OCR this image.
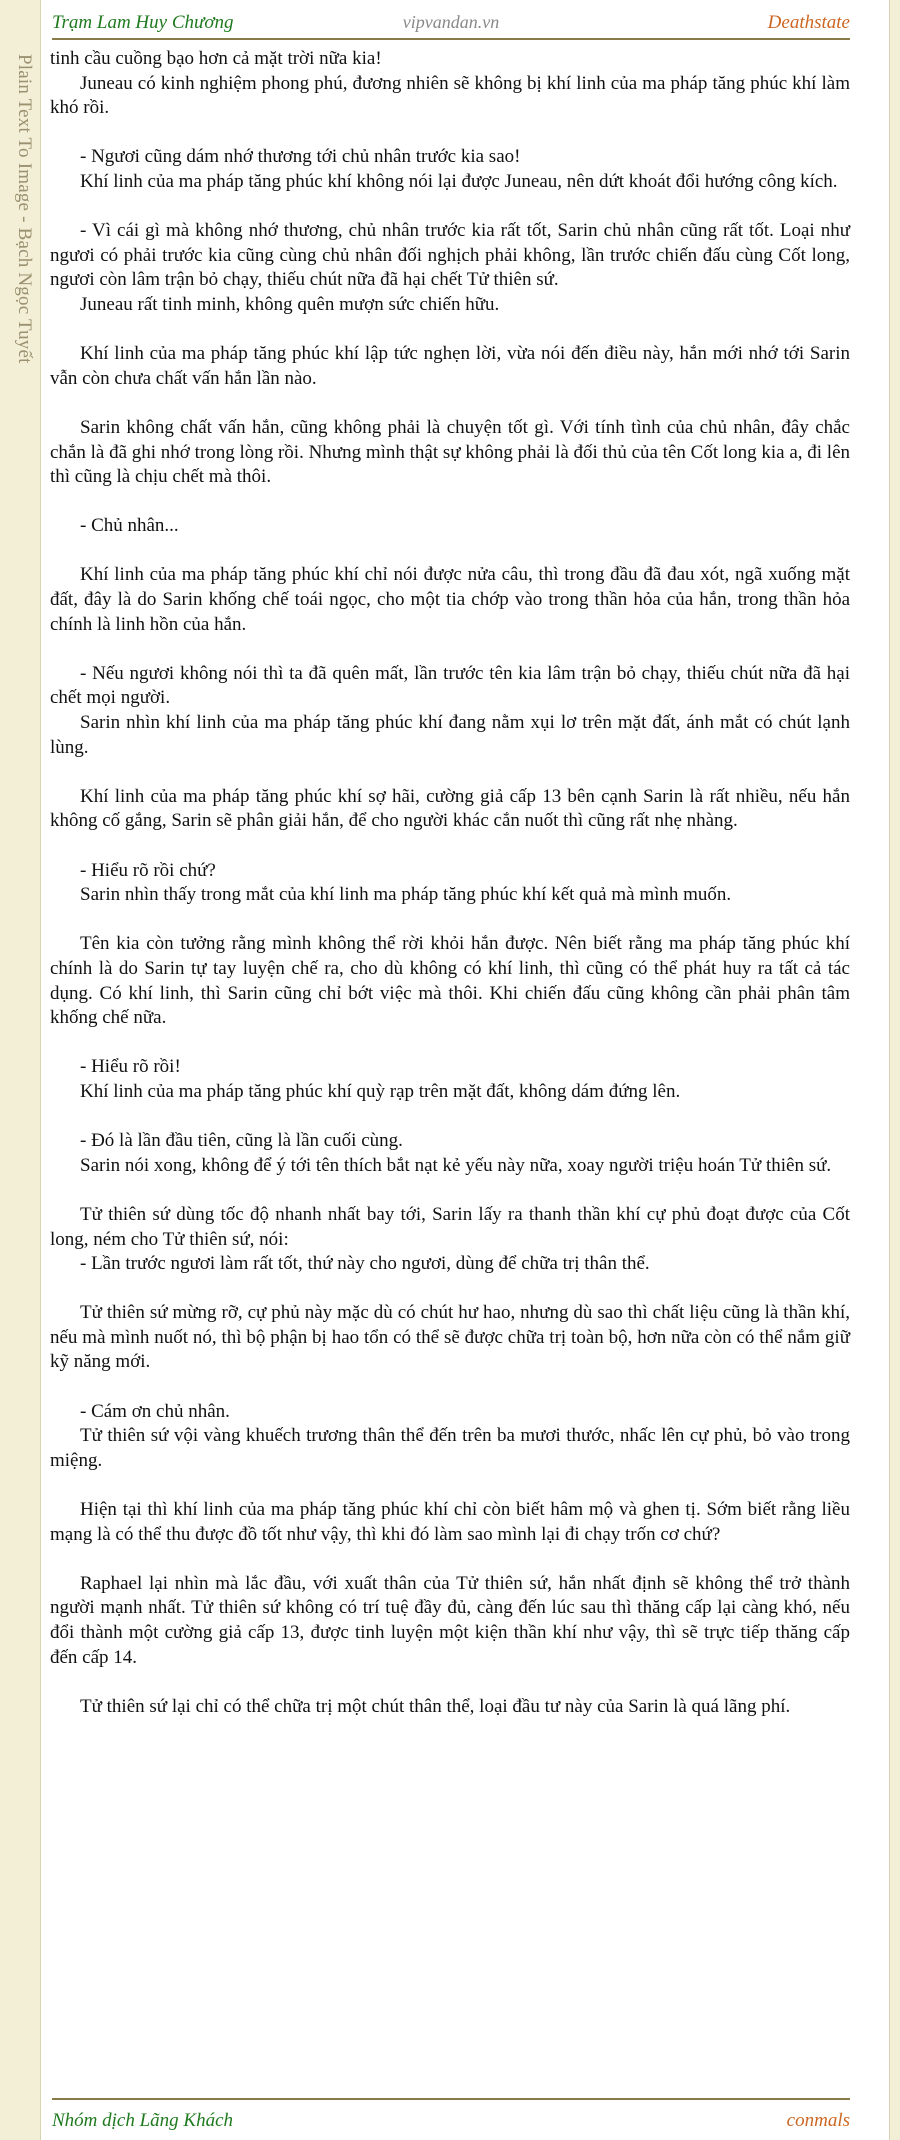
Plain Text To Image - Bạch Ngọc Tuyết
vipvandan.vn
Trạm Lam Huy Chương	Deathstate

tinh cầu cuồng bạo hơn cả mặt trời nữa kia!

Juneau có kinh nghiệm phong phú, đương nhiên sẽ không bị khí linh của ma pháp tăng phúc khí làm khó rồi.

- Ngươi cũng dám nhớ thương tới chủ nhân trước kia sao!

Khí linh của ma pháp tăng phúc khí không nói lại được Juneau, nên dứt khoát đổi hướng công kích.

- Vì cái gì mà không nhớ thương, chủ nhân trước kia rất tốt, Sarin chủ nhân cũng rất tốt. Loại như ngươi có phải trước kia cũng cùng chủ nhân đối nghịch phải không, lần trước chiến đấu cùng Cốt long, ngươi còn lâm trận bỏ chạy, thiếu chút nữa đã hại chết Tử thiên sứ.

Juneau rất tinh minh, không quên mượn sức chiến hữu.

Khí linh của ma pháp tăng phúc khí lập tức nghẹn lời, vừa nói đến điều này, hắn mới nhớ tới Sarin vẫn còn chưa chất vấn hắn lần nào.

Sarin không chất vấn hắn, cũng không phải là chuyện tốt gì. Với tính tình của chủ nhân, đây chắc chắn là đã ghi nhớ trong lòng rồi. Nhưng mình thật sự không phải là đối thủ của tên Cốt long kia a, đi lên thì cũng là chịu chết mà thôi.

- Chủ nhân...

Khí linh của ma pháp tăng phúc khí chỉ nói được nửa câu, thì trong đầu đã đau xót, ngã xuống mặt đất, đây là do Sarin khống chế toái ngọc, cho một tia chớp vào trong thần hỏa của hắn, trong thần hỏa chính là linh hồn của hắn.

- Nếu ngươi không nói thì ta đã quên mất, lần trước tên kia lâm trận bỏ chạy, thiếu chút nữa đã hại chết mọi người.

Sarin nhìn khí linh của ma pháp tăng phúc khí đang nằm xụi lơ trên mặt đất, ánh mắt có chút lạnh lùng.

Khí linh của ma pháp tăng phúc khí sợ hãi, cường giả cấp 13 bên cạnh Sarin là rất nhiều, nếu hắn không cố gắng, Sarin sẽ phân giải hắn, để cho người khác cắn nuốt thì cũng rất nhẹ nhàng.

- Hiểu rõ rồi chứ?

Sarin nhìn thấy trong mắt của khí linh ma pháp tăng phúc khí kết quả mà mình muốn.

Tên kia còn tưởng rằng mình không thể rời khỏi hắn được. Nên biết rằng ma pháp tăng phúc khí chính là do Sarin tự tay luyện chế ra, cho dù không có khí linh, thì cũng có thể phát huy ra tất cả tác dụng. Có khí linh, thì Sarin cũng chỉ bớt việc mà thôi. Khi chiến đấu cũng không cần phải phân tâm khống chế nữa.

- Hiểu rõ rồi!

Khí linh của ma pháp tăng phúc khí quỳ rạp trên mặt đất, không dám đứng lên.

- Đó là lần đầu tiên, cũng là lần cuối cùng.

Sarin nói xong, không để ý tới tên thích bắt nạt kẻ yếu này nữa, xoay người triệu hoán Tử thiên sứ.

Tử thiên sứ dùng tốc độ nhanh nhất bay tới, Sarin lấy ra thanh thần khí cự phủ đoạt được của Cốt long, ném cho Tử thiên sứ, nói:

- Lần trước ngươi làm rất tốt, thứ này cho ngươi, dùng để chữa trị thân thể.

Tử thiên sứ mừng rỡ, cự phủ này mặc dù có chút hư hao, nhưng dù sao thì chất liệu cũng là thần khí, nếu mà mình nuốt nó, thì bộ phận bị hao tổn có thể sẽ được chữa trị toàn bộ, hơn nữa còn có thể nắm giữ kỹ năng mới.

- Cám ơn chủ nhân.

Tử thiên sứ vội vàng khuếch trương thân thể đến trên ba mươi thước, nhấc lên cự phủ, bỏ vào trong miệng.

Hiện tại thì khí linh của ma pháp tăng phúc khí chỉ còn biết hâm mộ và ghen tị. Sớm biết rằng liều mạng là có thể thu được đồ tốt như vậy, thì khi đó làm sao mình lại đi chạy trốn cơ chứ?

Raphael lại nhìn mà lắc đầu, với xuất thân của Tử thiên sứ, hắn nhất định sẽ không thể trở thành người mạnh nhất. Tử thiên sứ không có trí tuệ đầy đủ, càng đến lúc sau thì thăng cấp lại càng khó, nếu đổi thành một cường giả cấp 13, được tinh luyện một kiện thần khí như vậy, thì sẽ trực tiếp thăng cấp đến cấp 14.

Tử thiên sứ lại chỉ có thể chữa trị một chút thân thể, loại đầu tư này của Sarin là quá lãng phí.

Nhóm dịch Lãng Khách	conmals
